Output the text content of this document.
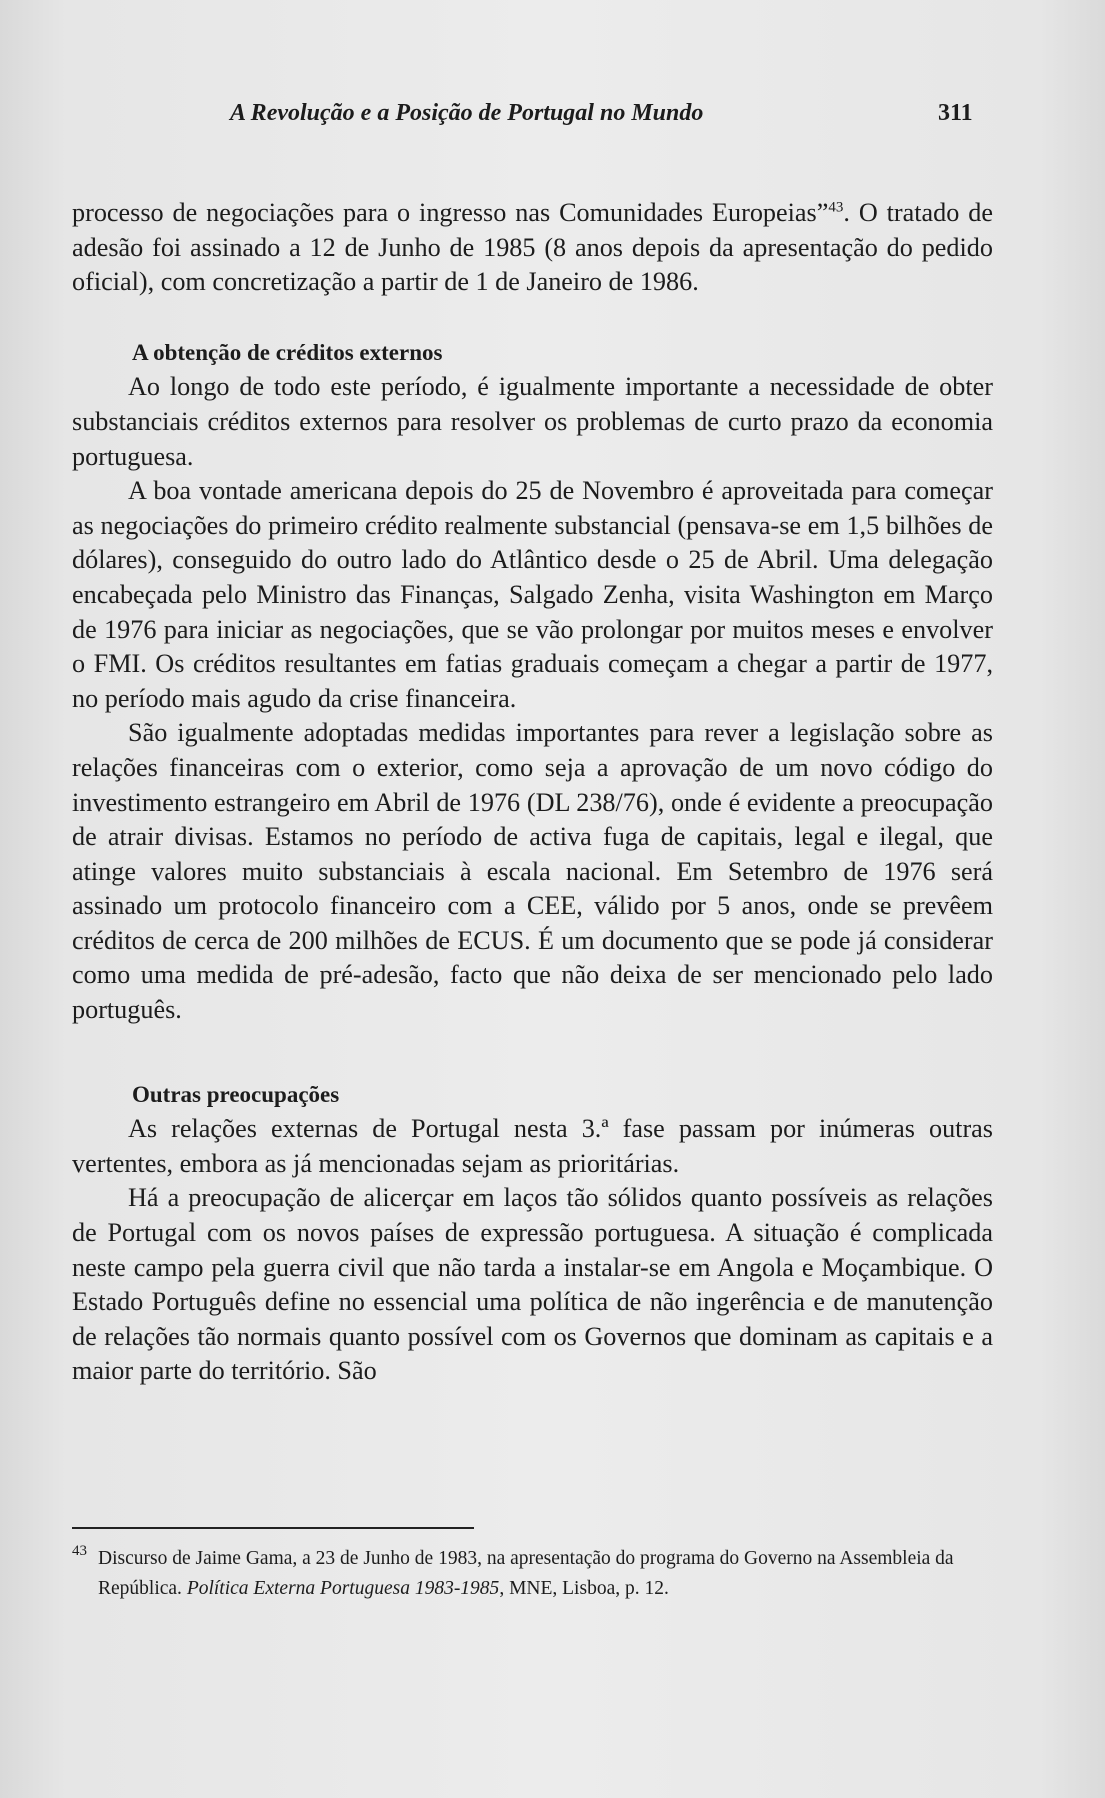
A Revolução e a Posição de Portugal no Mundo	311

processo de negociações para o ingresso nas Comunidades Europeias”$^{43}$. O tratado de adesão foi assinado a 12 de Junho de 1985 (8 anos depois da apresentação do pedido oficial), com concretização a partir de 1 de Janeiro de 1986.

A obtenção de créditos externos

Ao longo de todo este período, é igualmente importante a necessidade de obter substanciais créditos externos para resolver os problemas de curto prazo da economia portuguesa.

A boa vontade americana depois do 25 de Novembro é aproveitada para começar as negociações do primeiro crédito realmente substancial (pensava-se em 1,5 bilhões de dólares), conseguido do outro lado do Atlântico desde o 25 de Abril. Uma delegação encabeçada pelo Ministro das Finanças, Salgado Zenha, visita Washington em Março de 1976 para iniciar as negociações, que se vão prolongar por muitos meses e envolver o FMI. Os créditos resultantes em fatias graduais começam a chegar a partir de 1977, no período mais agudo da crise financeira.

São igualmente adoptadas medidas importantes para rever a legislação sobre as relações financeiras com o exterior, como seja a aprovação de um novo código do investimento estrangeiro em Abril de 1976 (DL 238/76), onde é evidente a preocupação de atrair divisas. Estamos no período de activa fuga de capitais, legal e ilegal, que atinge valores muito substanciais à escala nacional. Em Setembro de 1976 será assinado um protocolo financeiro com a CEE, válido por 5 anos, onde se prevêem créditos de cerca de 200 milhões de ECUS. É um documento que se pode já considerar como uma medida de pré-adesão, facto que não deixa de ser mencionado pelo lado português.

Outras preocupações

As relações externas de Portugal nesta 3.ª fase passam por inúmeras outras vertentes, embora as já mencionadas sejam as prioritárias.

Há a preocupação de alicerçar em laços tão sólidos quanto possíveis as relações de Portugal com os novos países de expressão portuguesa. A situação é complicada neste campo pela guerra civil que não tarda a instalar-se em Angola e Moçambique. O Estado Português define no essencial uma política de não ingerência e de manutenção de relações tão normais quanto possível com os Governos que dominam as capitais e a maior parte do território. São

43 Discurso de Jaime Gama, a 23 de Junho de 1983, na apresentação do programa do Governo na Assembleia da República. Política Externa Portuguesa 1983-1985, MNE, Lisboa, p. 12.
